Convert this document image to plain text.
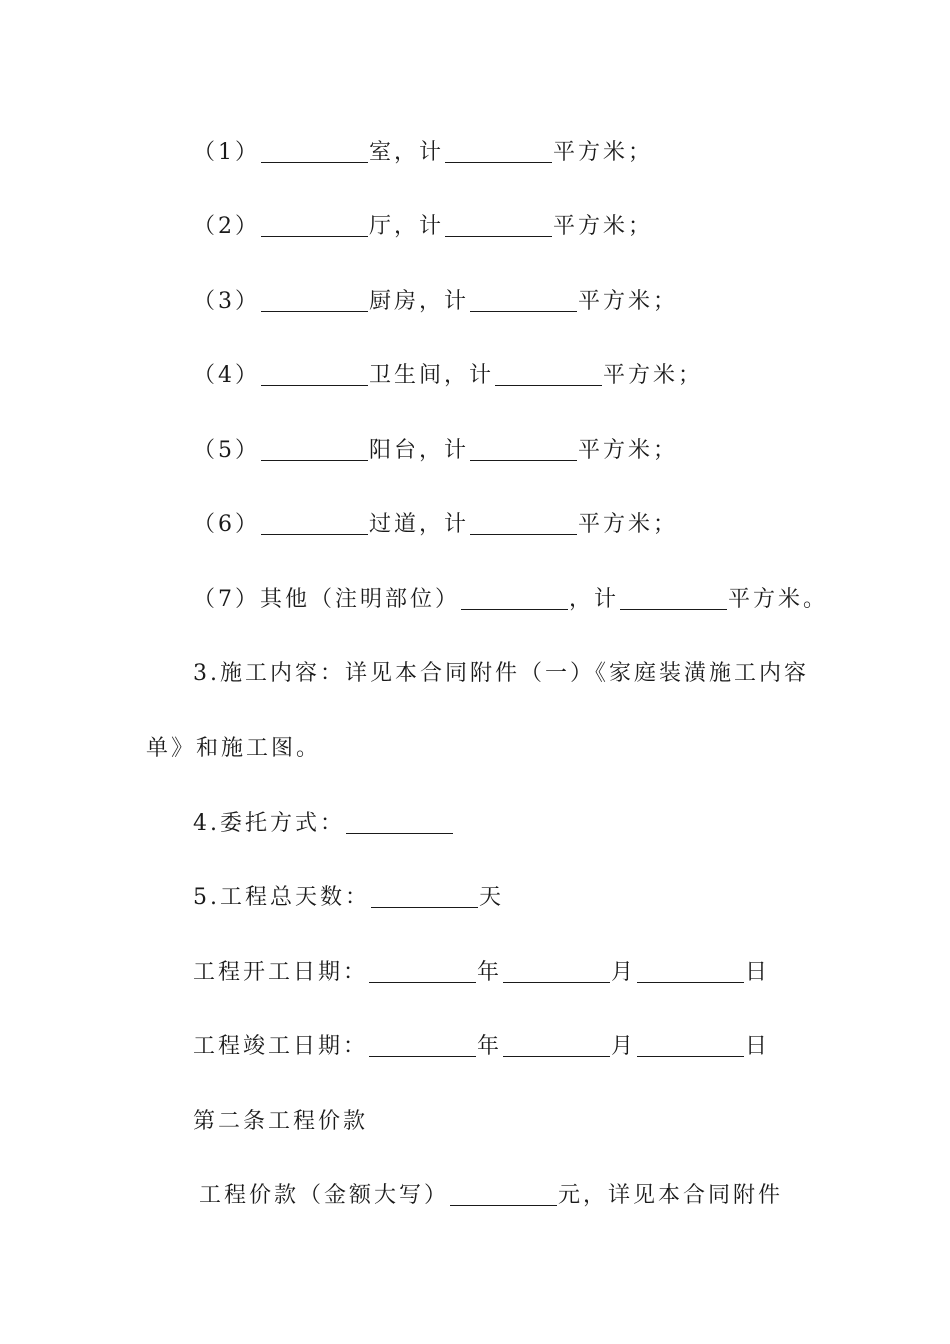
（1）	室，计	平方米；

（2）	厅，计	平方米；

（3）	厨房，计	平方米；

（4）	卫生间，计	平方米；

（5）	阳台，计	平方米；

（6）	过道，计	平方米；

（7）其他（注明部位）	，计	平方米。

3.施工内容：详见本合同附件（一）《家庭装潢施工内容

单》和施工图。

4.委托方式：

5.工程总天数：	天

工程开工日期：	年	月	日

工程竣工日期：	年	月	日

第二条工程价款

工程价款（金额大写）	元，详见本合同附件
